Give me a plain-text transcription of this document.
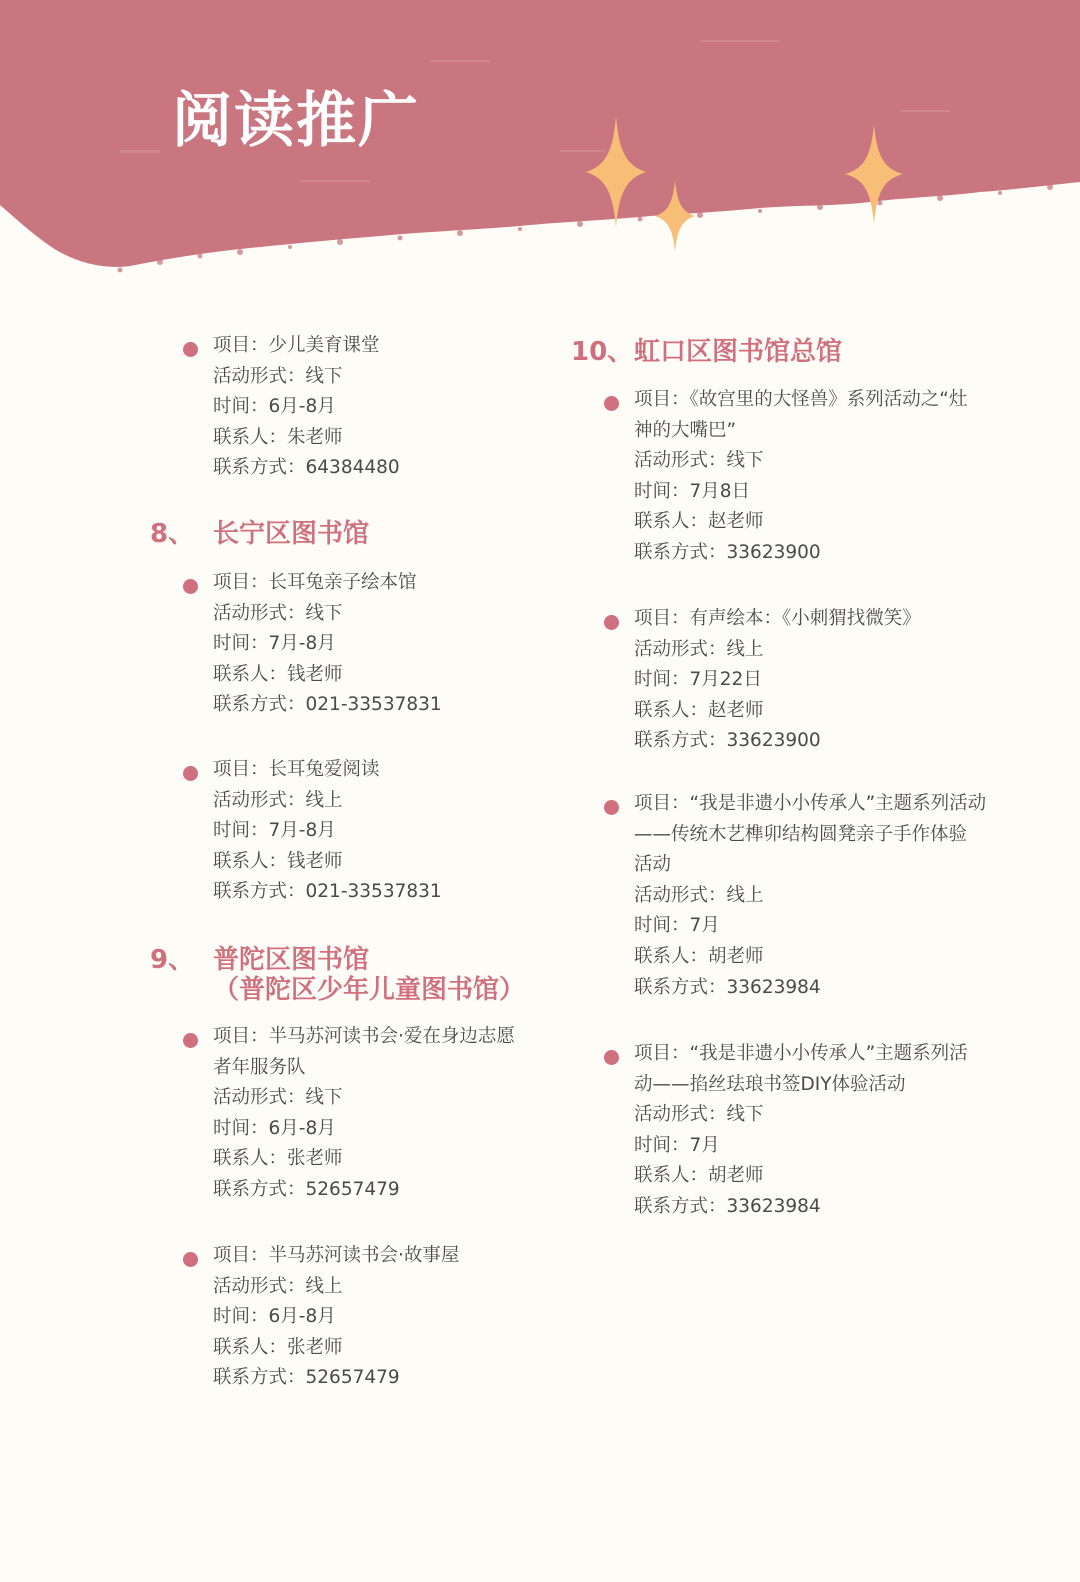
阅读推广
项目：少儿美育课堂
活动形式：线下
时间：6月-8月
联系人：朱老师
联系方式：64384480
8、 长宁区图书馆
项目：长耳兔亲子绘本馆
活动形式：线下
时间：7月-8月
联系人：钱老师
联系方式：021-33537831
项目：长耳兔爱阅读
活动形式：线上
时间：7月-8月
联系人：钱老师
联系方式：021-33537831
9、 普陀区图书馆
（普陀区少年儿童图书馆）
项目：半马苏河读书会·爱在身边志愿
者年服务队
活动形式：线下
时间：6月-8月
联系人：张老师
联系方式：52657479
项目：半马苏河读书会·故事屋
活动形式：线上
时间：6月-8月
联系人：张老师
联系方式：52657479
10、虹口区图书馆总馆
项目：《故宫里的大怪兽》系列活动之“灶
神的大嘴巴”
活动形式：线下
时间：7月8日
联系人：赵老师
联系方式：33623900
项目：有声绘本：《小刺猬找微笑》
活动形式：线上
时间：7月22日
联系人：赵老师
联系方式：33623900
项目：“我是非遗小小传承人”主题系列活动
——传统木艺榫卯结构圆凳亲子手作体验
活动
活动形式：线上
时间：7月
联系人：胡老师
联系方式：33623984
项目：“我是非遗小小传承人”主题系列活
动——掐丝珐琅书签DIY体验活动
活动形式：线下
时间：7月
联系人：胡老师
联系方式：33623984
